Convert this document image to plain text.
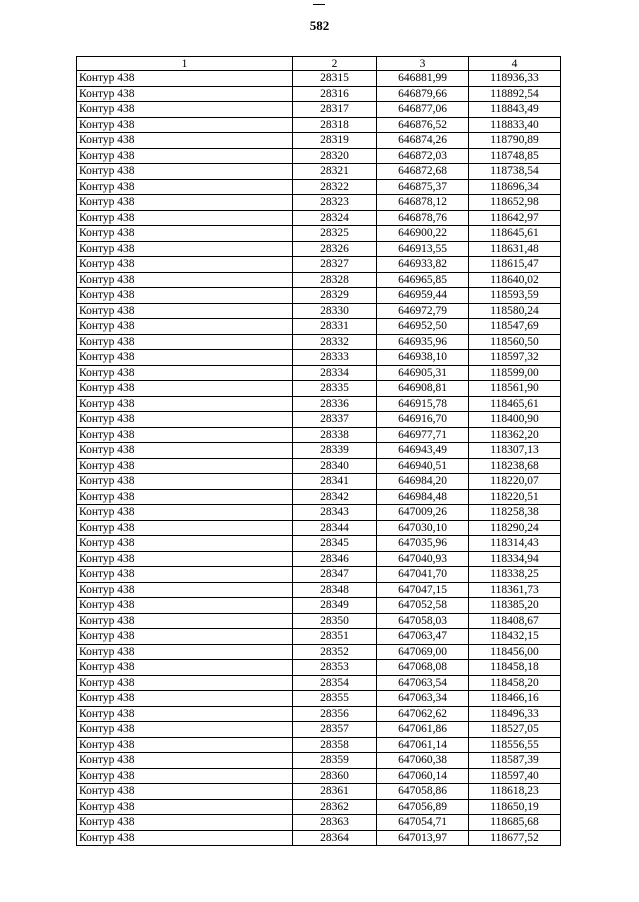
582
1	2	3	4
Контур 438	28315	646881,99	118936,33
Контур 438	28316	646879,66	118892,54
Контур 438	28317	646877,06	118843,49
Контур 438	28318	646876,52	118833,40
Контур 438	28319	646874,26	118790,89
Контур 438	28320	646872,03	118748,85
Контур 438	28321	646872,68	118738,54
Контур 438	28322	646875,37	118696,34
Контур 438	28323	646878,12	118652,98
Контур 438	28324	646878,76	118642,97
Контур 438	28325	646900,22	118645,61
Контур 438	28326	646913,55	118631,48
Контур 438	28327	646933,82	118615,47
Контур 438	28328	646965,85	118640,02
Контур 438	28329	646959,44	118593,59
Контур 438	28330	646972,79	118580,24
Контур 438	28331	646952,50	118547,69
Контур 438	28332	646935,96	118560,50
Контур 438	28333	646938,10	118597,32
Контур 438	28334	646905,31	118599,00
Контур 438	28335	646908,81	118561,90
Контур 438	28336	646915,78	118465,61
Контур 438	28337	646916,70	118400,90
Контур 438	28338	646977,71	118362,20
Контур 438	28339	646943,49	118307,13
Контур 438	28340	646940,51	118238,68
Контур 438	28341	646984,20	118220,07
Контур 438	28342	646984,48	118220,51
Контур 438	28343	647009,26	118258,38
Контур 438	28344	647030,10	118290,24
Контур 438	28345	647035,96	118314,43
Контур 438	28346	647040,93	118334,94
Контур 438	28347	647041,70	118338,25
Контур 438	28348	647047,15	118361,73
Контур 438	28349	647052,58	118385,20
Контур 438	28350	647058,03	118408,67
Контур 438	28351	647063,47	118432,15
Контур 438	28352	647069,00	118456,00
Контур 438	28353	647068,08	118458,18
Контур 438	28354	647063,54	118458,20
Контур 438	28355	647063,34	118466,16
Контур 438	28356	647062,62	118496,33
Контур 438	28357	647061,86	118527,05
Контур 438	28358	647061,14	118556,55
Контур 438	28359	647060,38	118587,39
Контур 438	28360	647060,14	118597,40
Контур 438	28361	647058,86	118618,23
Контур 438	28362	647056,89	118650,19
Контур 438	28363	647054,71	118685,68
Контур 438	28364	647013,97	118677,52
